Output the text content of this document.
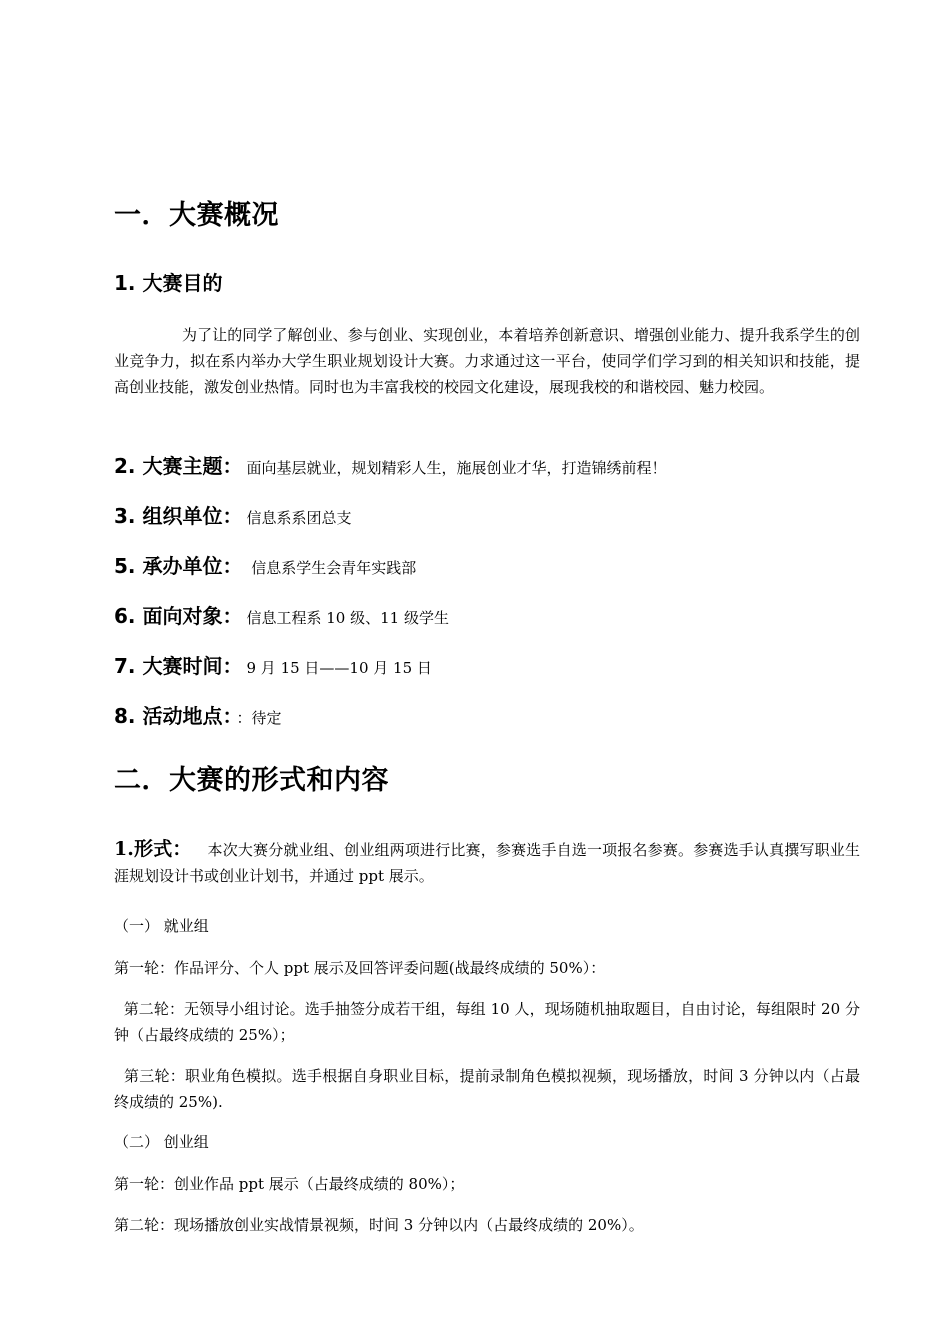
一．大赛概况
1. 大赛目的
为了让的同学了解创业、参与创业、实现创业，本着培养创新意识、增强创业能力、提升我系学生的创业竞争力，拟在系内举办大学生职业规划设计大赛。力求通过这一平台，使同学们学习到的相关知识和技能，提高创业技能，激发创业热情。同时也为丰富我校的校园文化建设，展现我校的和谐校园、魅力校园。
2. 大赛主题： 面向基层就业，规划精彩人生，施展创业才华，打造锦绣前程！
3. 组织单位： 信息系系团总支
5. 承办单位： 信息系学生会青年实践部
6. 面向对象： 信息工程系 10 级、11 级学生
7. 大赛时间： 9 月 15 日——10 月 15 日
8. 活动地点： ：待定
二．大赛的形式和内容
1.形式： 本次大赛分就业组、创业组两项进行比赛，参赛选手自选一项报名参赛。参赛选手认真撰写职业生涯规划设计书或创业计划书，并通过 ppt 展示。
（一） 就业组
第一轮：作品评分、个人 ppt 展示及回答评委问题(战最终成绩的 50%）：
第二轮：无领导小组讨论。选手抽签分成若干组，每组 10 人，现场随机抽取题目，自由讨论，每组限时 20 分钟（占最终成绩的 25%）；
第三轮：职业角色模拟。选手根据自身职业目标，提前录制角色模拟视频，现场播放，时间 3 分钟以内（占最终成绩的 25%).
（二） 创业组
第一轮：创业作品 ppt 展示（占最终成绩的 80%）；
第二轮：现场播放创业实战情景视频，时间 3 分钟以内（占最终成绩的 20%）。
